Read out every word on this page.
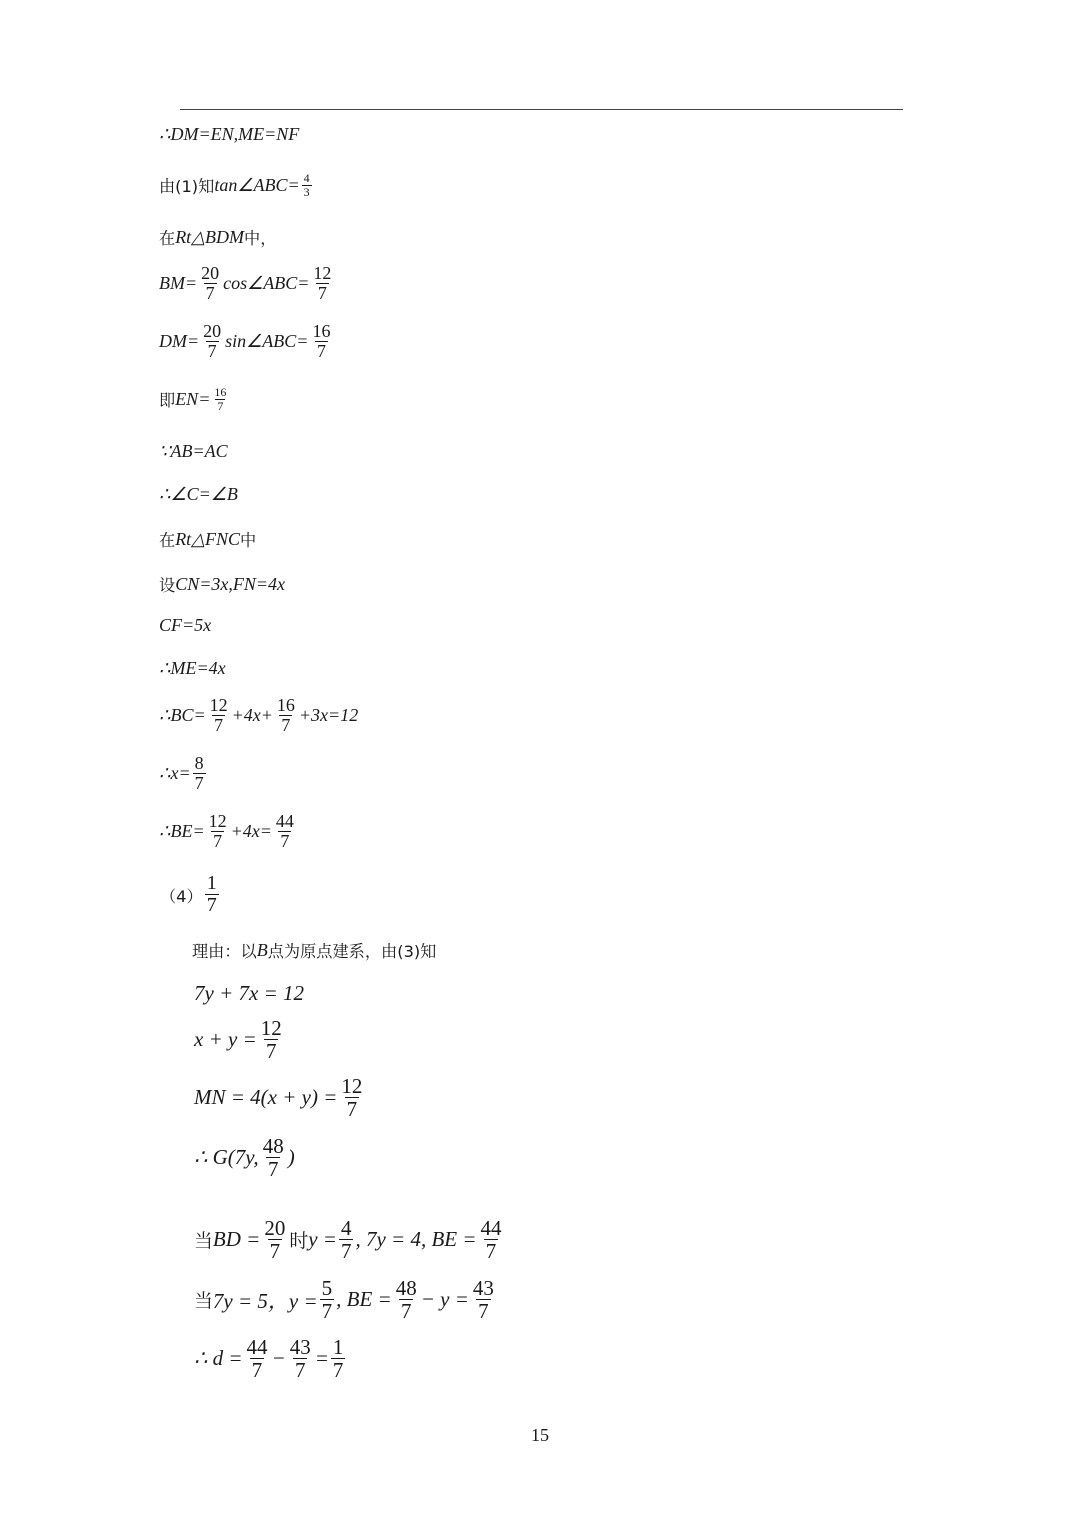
∴DM=EN,ME=NF
由(1)知 tan∠ABC= $\frac{4}{3}$
在 Rt△BDM 中，
$BM= \frac{20}{7}$ cos∠ABC= $\frac{12}{7}$
$DM= \frac{20}{7}$ sin∠ABC= $\frac{16}{7}$
即 $EN= \frac{16}{7}$
∵AB=AC
∴∠C=∠B
在 Rt△FNC 中
设 CN=3x,FN=4x
CF=5x
∴ME=4x
∴BC= $\frac{12}{7} +4x+ \frac{16}{7} +3x=12$
∴x= $\frac{8}{7}$
∴BE= $\frac{12}{7} +4x= \frac{44}{7}$
$(4) \frac{1}{7}$
理由：以 B 点为原点建系，由(3)知
7y + 7x = 12
$x + y = \frac{12}{7}$
MN = $4(x + y) = \frac{12}{7}$
∴ G(7y, $\frac{48}{7}$ )
当 BD = $\frac{20}{7}$ 时 $y = \frac{4}{7}$ , 7y = 4, BE = $\frac{44}{7}$
当 7y = 5，$y = \frac{5}{7}$ , BE = $\frac{48}{7} - y = \frac{43}{7}$
∴ $d = \frac{44}{7} - \frac{43}{7} = \frac{1}{7}$
15
